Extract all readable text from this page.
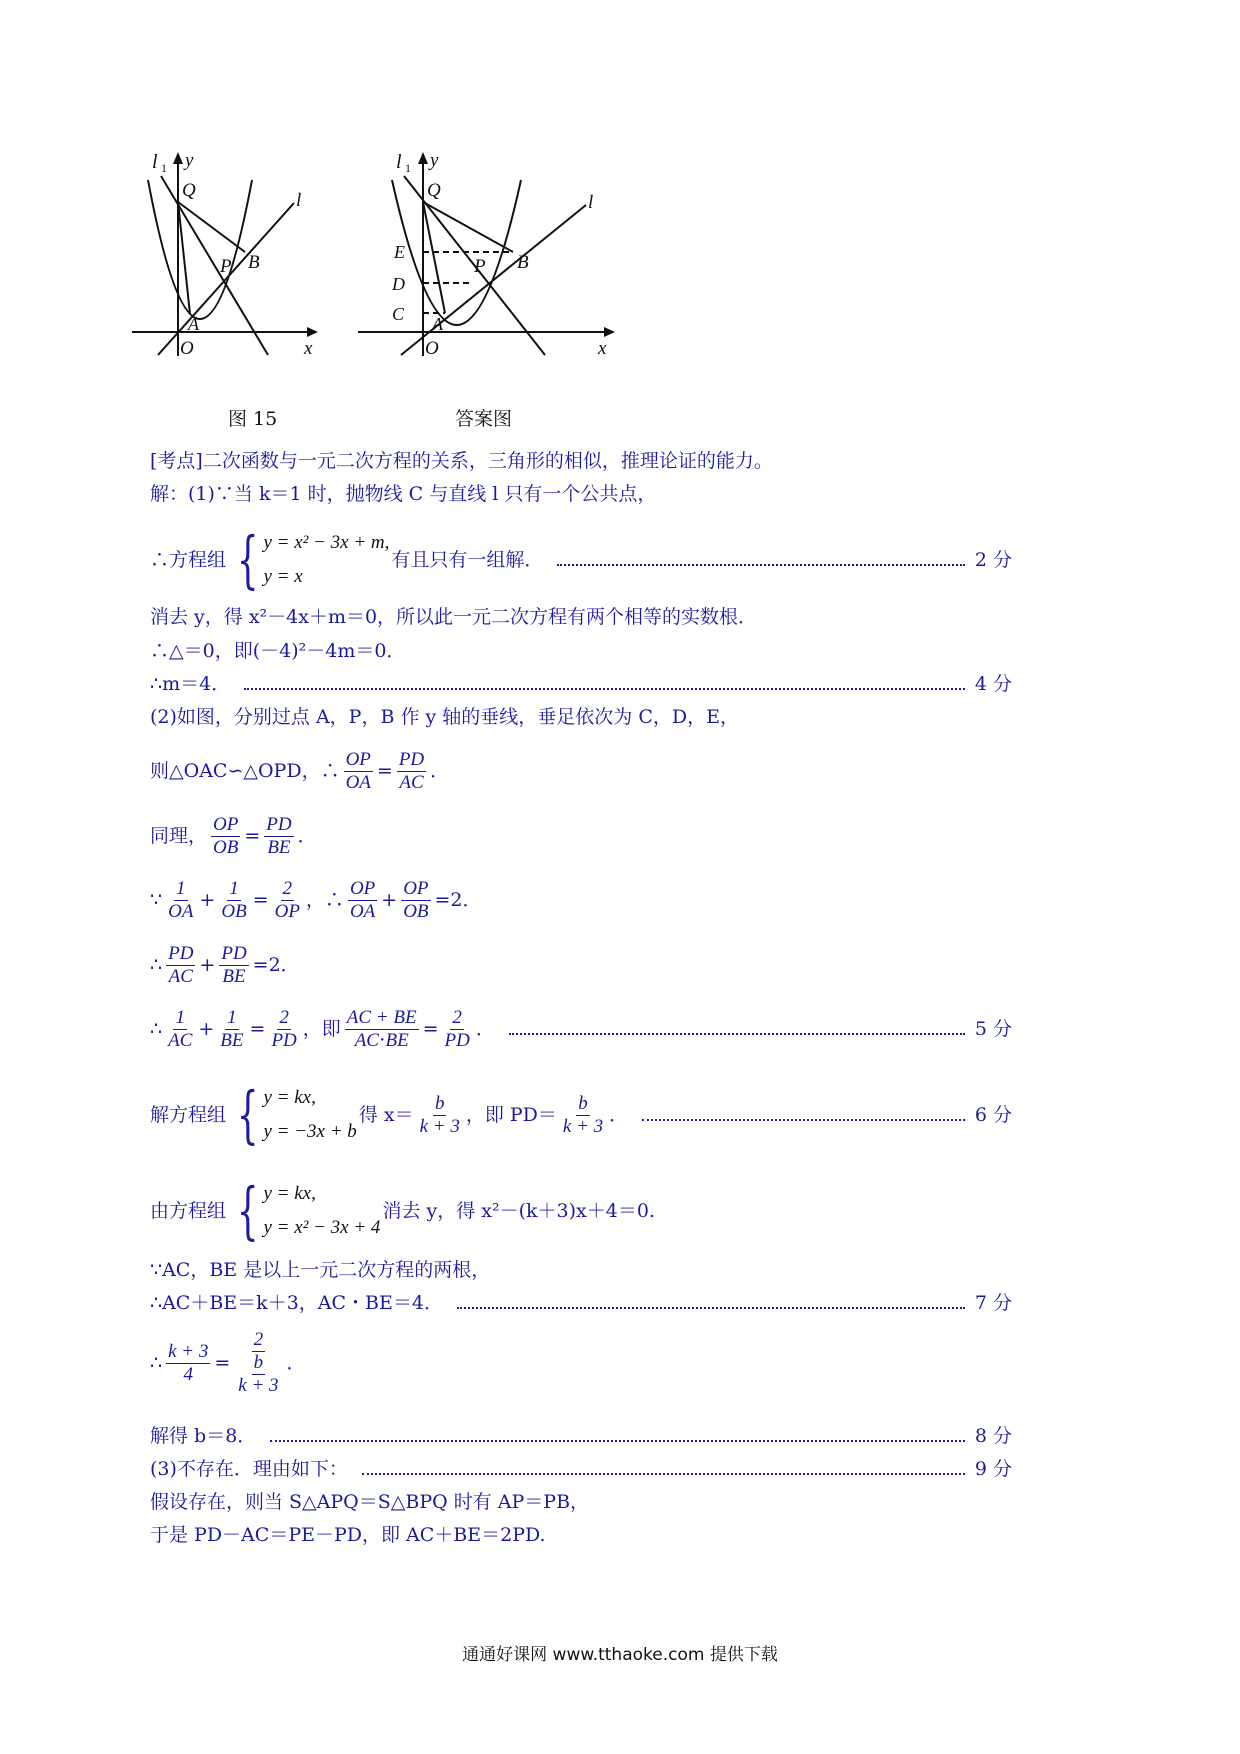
l 1 y
Q	l
P B
A
O	x
图 15
l 1 y
Q
l
E
D
C
P B
A
O	x
答案图
[考点]二次函数与一元二次方程的关系，三角形的相似，推理论证的能力。
解：(1)∵当 k＝1 时，抛物线 C 与直线 l 只有一个公共点，
∴方程组 { y = x² − 3x + m,
y = x
有且只有一组解．	2 分
消去 y，得 x²－4x＋m＝0，所以此一元二次方程有两个相等的实数根．
∴△＝0，即(－4)²－4m＝0．
∴m＝4．	4 分
(2)如图，分别过点 A，P，B 作 y 轴的垂线，垂足依次为 C，D，E，
则△OAC∽△OPD，∴ $\frac{OP}{OA} = \frac{PD}{AC}$ ．
同理， $\frac{OP}{OB} = \frac{PD}{BE}$ ．
∵ $\frac{1}{OA} + \frac{1}{OB} = \frac{2}{OP}$ ，∴ $\frac{OP}{OA} + \frac{OP}{OB} =2$．
∴ $\frac{PD}{AC} + \frac{PD}{BE} =2$．
∴ $\frac{1}{AC} + \frac{1}{BE} = \frac{2}{PD}$ ，即 $\frac{AC + BE}{AC\cdot BE} = \frac{2}{PD}$ ．	5 分
解方程组 { y = kx,
y = −3x + b
得 $x= \frac{b}{k + 3}$ ，即 $PD= \frac{b}{k + 3}$ ．	6 分
由方程组 { y = kx,
y = x² − 3x + 4
消去 y，得 x²－(k＋3)x＋4＝0.
∵AC，BE 是以上一元二次方程的两根，
∴AC＋BE＝k＋3，AC・BE＝4．	7 分
∴ $\frac{k + 3}{4} = \frac{2}{\frac{b}{k + 3}}$ ．
解得 b＝8．	8 分
(3)不存在．理由如下：	9 分
假设存在，则当 S△APQ＝S△BPQ 时有 AP＝PB，
于是 PD－AC＝PE－PD，即 AC＋BE＝2PD.
通通好课网 www.tthaoke.com 提供下载
